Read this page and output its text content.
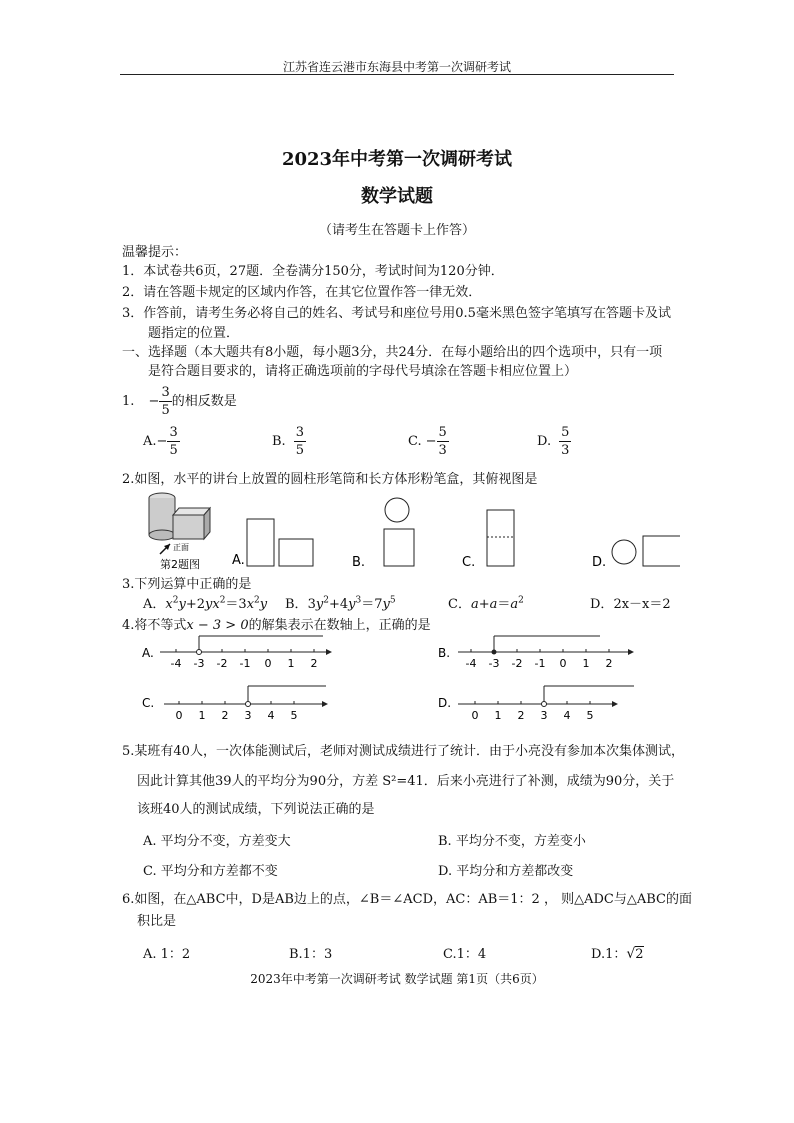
江苏省连云港市东海县中考第一次调研考试
2023年中考第一次调研考试
数学试题
（请考生在答题卡上作答）
温馨提示：
1．本试卷共6页，27题．全卷满分150分，考试时间为120分钟．
2．请在答题卡规定的区域内作答，在其它位置作答一律无效．
3．作答前，请考生务必将自己的姓名、考试号和座位号用0.5毫米黑色签字笔填写在答题卡及试
题指定的位置．
一、选择题（本大题共有8小题，每小题3分，共24分．在每小题给出的四个选项中，只有一项
是符合题目要求的，请将正确选项前的字母代号填涂在答题卡相应位置上）
1. − $\frac{3}{5}$ 的相反数是
$A.- \frac{3}{5}$	B. $\frac{3}{5}$	C. − $\frac{5}{3}$	D. $\frac{5}{3}$
2.如图，水平的讲台上放置的圆柱形笔筒和长方体形粉笔盒，其俯视图是
正面
第2题图 A.	B.	C.	D.
3.下列运算中正确的是
A．$x^2y+2yx^2=3x^2y$ B．$3y^2+4y^3=7y^5$	C．$a+a=a^2$	D．2x－x＝2
4.将不等式x − 3 > 0的解集表示在数轴上，正确的是
A.
-4 -3 -2 -1 0 1 2
B.
-4 -3 -2 -1 0 1 2
C.
0 1 2 3 4 5
D.
0 1 2 3 4 5
5.某班有40人，一次体能测试后，老师对测试成绩进行了统计．由于小亮没有参加本次集体测试，
因此计算其他39人的平均分为90分，方差 S²=41．后来小亮进行了补测，成绩为90分，关于
该班40人的测试成绩，下列说法正确的是
A. 平均分不变，方差变大	B. 平均分不变，方差变小
C. 平均分和方差都不变	D. 平均分和方差都改变
6.如图，在△ABC中，D是AB边上的点，∠B＝∠ACD，AC：AB＝1：2 ， 则△ADC与△ABC的面
积比是
A. 1：2	B.1：3	C.1：4	D.1：√2
2023年中考第一次调研考试 数学试题 第1页（共6页）
